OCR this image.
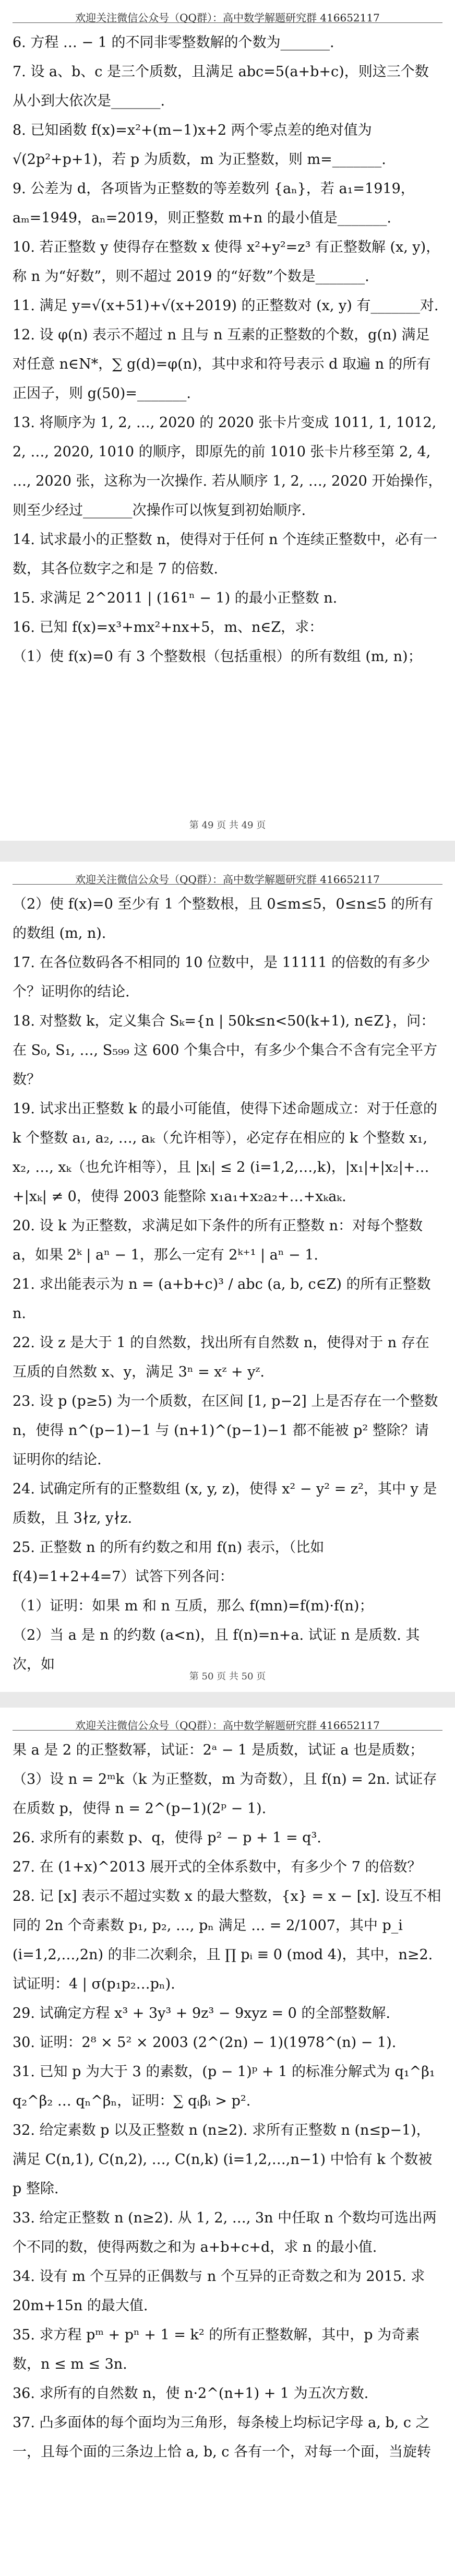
欢迎关注微信公众号（QQ群）：高中数学解题研究群 416652117

6. 方程 … − 1 的不同非零整数解的个数为_______.

7. 设 a、b、c 是三个质数，且满足 abc=5(a+b+c)，则这三个数从小到大依次是_______.

8. 已知函数 f(x)=x²+(m−1)x+2 两个零点差的绝对值为 √(2p²+p+1)，若 p 为质数，m 为正整数，则 m=_______.

9. 公差为 d，各项皆为正整数的等差数列 {aₙ}，若 a₁=1919，aₘ=1949，aₙ=2019，则正整数 m+n 的最小值是_______.

10. 若正整数 y 使得存在整数 x 使得 x²+y²=z³ 有正整数解 (x, y)，称 n 为“好数”，则不超过 2019 的“好数”个数是_______.

11. 满足 y=√(x+51)+√(x+2019) 的正整数对 (x, y) 有_______对.

12. 设 φ(n) 表示不超过 n 且与 n 互素的正整数的个数，g(n) 满足对任意 n∈N*，∑ g(d)=φ(n)，其中求和符号表示 d 取遍 n 的所有正因子，则 g(50)=_______.

13. 将顺序为 1, 2, …, 2020 的 2020 张卡片变成 1011, 1, 1012, 2, …, 2020, 1010 的顺序，即原先的前 1010 张卡片移至第 2, 4, …, 2020 张，这称为一次操作. 若从顺序 1, 2, …, 2020 开始操作，则至少经过_______次操作可以恢复到初始顺序.

14. 试求最小的正整数 n，使得对于任何 n 个连续正整数中，必有一数，其各位数字之和是 7 的倍数.

15. 求满足 2^2011 | (161ⁿ − 1) 的最小正整数 n.

16. 已知 f(x)=x³+mx²+nx+5，m、n∈Z，求：

（1）使 f(x)=0 有 3 个整数根（包括重根）的所有数组 (m, n)；

第 49 页 共 49 页
欢迎关注微信公众号（QQ群）：高中数学解题研究群 416652117

（2）使 f(x)=0 至少有 1 个整数根，且 0≤m≤5，0≤n≤5 的所有的数组 (m, n).

17. 在各位数码各不相同的 10 位数中，是 11111 的倍数的有多少个？证明你的结论.

18. 对整数 k，定义集合 Sₖ={n | 50k≤n<50(k+1), n∈Z}，问：在 S₀, S₁, …, S₅₉₉ 这 600 个集合中，有多少个集合不含有完全平方数？

19. 试求出正整数 k 的最小可能值，使得下述命题成立：对于任意的 k 个整数 a₁, a₂, …, aₖ（允许相等），必定存在相应的 k 个整数 x₁, x₂, …, xₖ（也允许相等），且 |xᵢ| ≤ 2 (i=1,2,…,k)，|x₁|+|x₂|+…+|xₖ| ≠ 0，使得 2003 能整除 x₁a₁+x₂a₂+…+xₖaₖ.

20. 设 k 为正整数，求满足如下条件的所有正整数 n：对每个整数 a，如果 2ᵏ | aⁿ − 1，那么一定有 2ᵏ⁺¹ | aⁿ − 1.

21. 求出能表示为 n = (a+b+c)³ / abc (a, b, c∈Z) 的所有正整数 n.

22. 设 z 是大于 1 的自然数，找出所有自然数 n，使得对于 n 存在互质的自然数 x、y，满足 3ⁿ = xᶻ + yᶻ.

23. 设 p (p≥5) 为一个质数，在区间 [1, p−2] 上是否存在一个整数 n，使得 n^(p−1)−1 与 (n+1)^(p−1)−1 都不能被 p² 整除？请证明你的结论.

24. 试确定所有的正整数组 (x, y, z)，使得 x² − y² = z²，其中 y 是质数，且 3∤z, y∤z.

25. 正整数 n 的所有约数之和用 f(n) 表示，（比如 f(4)=1+2+4=7）试答下列各问：

（1）证明：如果 m 和 n 互质，那么 f(mn)=f(m)·f(n)；

（2）当 a 是 n 的约数 (a<n)，且 f(n)=n+a. 试证 n 是质数. 其次，如

第 50 页 共 50 页
欢迎关注微信公众号（QQ群）：高中数学解题研究群 416652117

果 a 是 2 的正整数幂，试证：2ᵃ − 1 是质数，试证 a 也是质数；

（3）设 n = 2ᵐk（k 为正整数，m 为奇数），且 f(n) = 2n. 试证存在质数 p，使得 n = 2^(p−1)(2ᵖ − 1).

26. 求所有的素数 p、q，使得 p² − p + 1 = q³.

27. 在 (1+x)^2013 展开式的全体系数中，有多少个 7 的倍数？

28. 记 [x] 表示不超过实数 x 的最大整数，{x} = x − [x]. 设互不相同的 2n 个奇素数 p₁, p₂, …, pₙ 满足 … = 2/1007，其中 p_i (i=1,2,…,2n) 的非二次剩余，且 ∏ pᵢ ≡ 0 (mod 4)，其中，n≥2. 试证明：4 | σ(p₁p₂…pₙ).

29. 试确定方程 x³ + 3y³ + 9z³ − 9xyz = 0 的全部整数解.

30. 证明：2⁸ × 5² × 2003 (2^(2n) − 1)(1978^(n) − 1).

31. 已知 p 为大于 3 的素数，(p − 1)ᵖ + 1 的标准分解式为 q₁^β₁ q₂^β₂ … qₙ^βₙ，证明：∑ qᵢβᵢ > p².

32. 给定素数 p 以及正整数 n (n≥2). 求所有正整数 n (n≤p−1)，满足 C(n,1), C(n,2), …, C(n,k) (i=1,2,…,n−1) 中恰有 k 个数被 p 整除.

33. 给定正整数 n (n≥2). 从 1, 2, …, 3n 中任取 n 个数均可选出两个不同的数，使得两数之和为 a+b+c+d，求 n 的最小值.

34. 设有 m 个互异的正偶数与 n 个互异的正奇数之和为 2015. 求 20m+15n 的最大值.

35. 求方程 pᵐ + pⁿ + 1 = k² 的所有正整数解，其中，p 为奇素数，n ≤ m ≤ 3n.

36. 求所有的自然数 n，使 n·2^(n+1) + 1 为五次方数.

37. 凸多面体的每个面均为三角形，每条棱上均标记字母 a, b, c 之一，且每个面的三条边上恰 a, b, c 各有一个，对每一个面，当旋转
